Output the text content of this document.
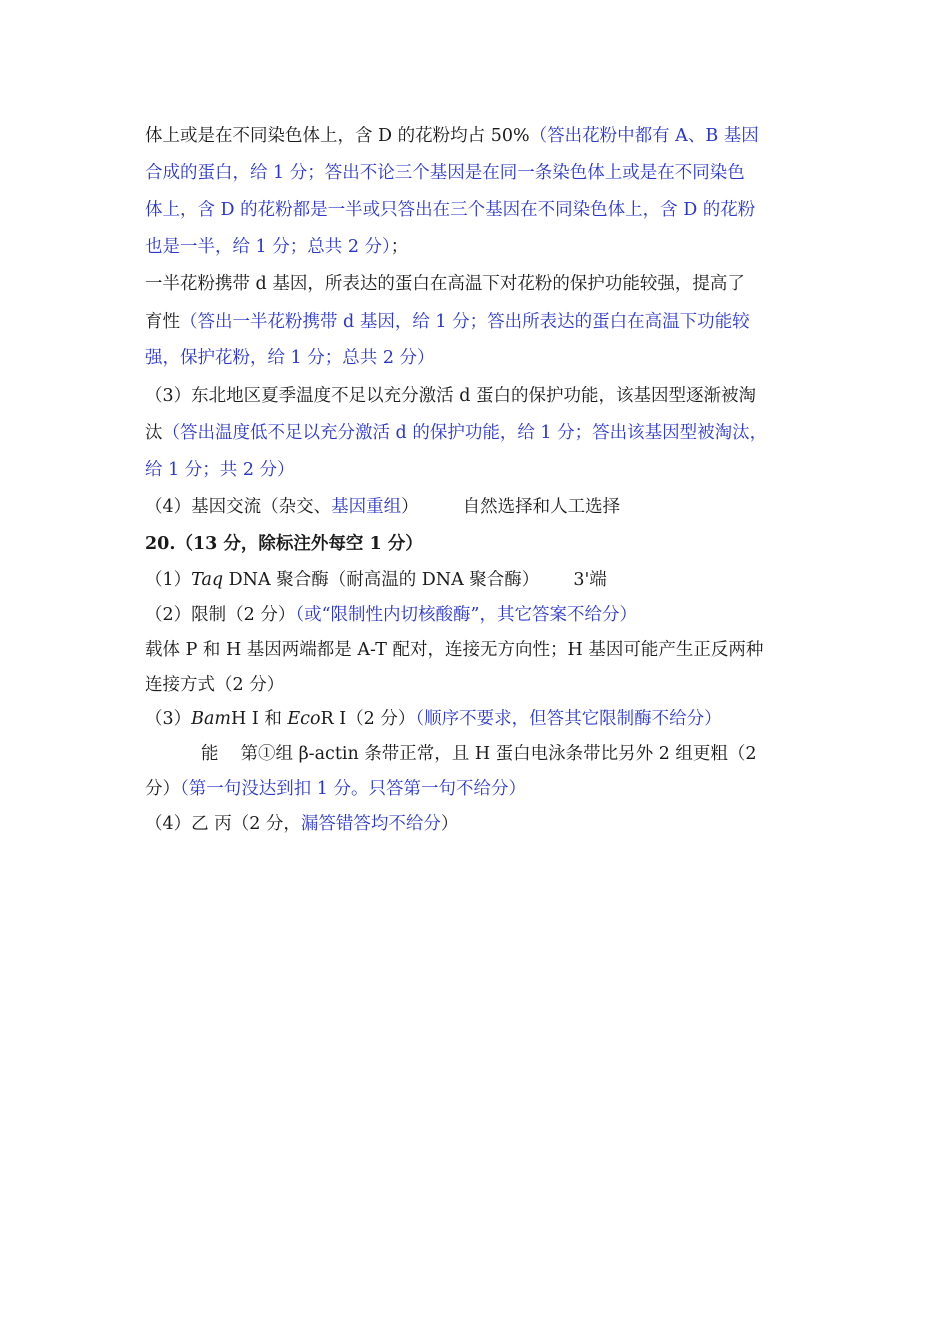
体上或是在不同染色体上，含 D 的花粉均占 50%（答出花粉中都有 A、B 基因
合成的蛋白，给 1 分；答出不论三个基因是在同一条染色体上或是在不同染色
体上，含 D 的花粉都是一半或只答出在三个基因在不同染色体上，含 D 的花粉
也是一半，给 1 分；总共 2 分）；
一半花粉携带 d 基因，所表达的蛋白在高温下对花粉的保护功能较强，提高了
育性（答出一半花粉携带 d 基因，给 1 分；答出所表达的蛋白在高温下功能较
强，保护花粉，给 1 分；总共 2 分）
（3）东北地区夏季温度不足以充分激活 d 蛋白的保护功能，该基因型逐渐被淘
汰（答出温度低不足以充分激活 d 的保护功能，给 1 分；答出该基因型被淘汰，
给 1 分；共 2 分）
（4）基因交流（杂交、基因重组）	自然选择和人工选择
20.（13 分，除标注外每空 1 分）
（1）Taq DNA 聚合酶（耐高温的 DNA 聚合酶） 3'端
（2）限制（2 分）（或“限制性内切核酸酶”，其它答案不给分）
载体 P 和 H 基因两端都是 A-T 配对，连接无方向性；H 基因可能产生正反两种
连接方式（2 分）
（3）BamH I 和 EcoR I（2 分）（顺序不要求，但答其它限制酶不给分）
能 第①组 β-actin 条带正常，且 H 蛋白电泳条带比另外 2 组更粗（2
分）（第一句没达到扣 1 分。只答第一句不给分）
（4）乙 丙（2 分，漏答错答均不给分）
